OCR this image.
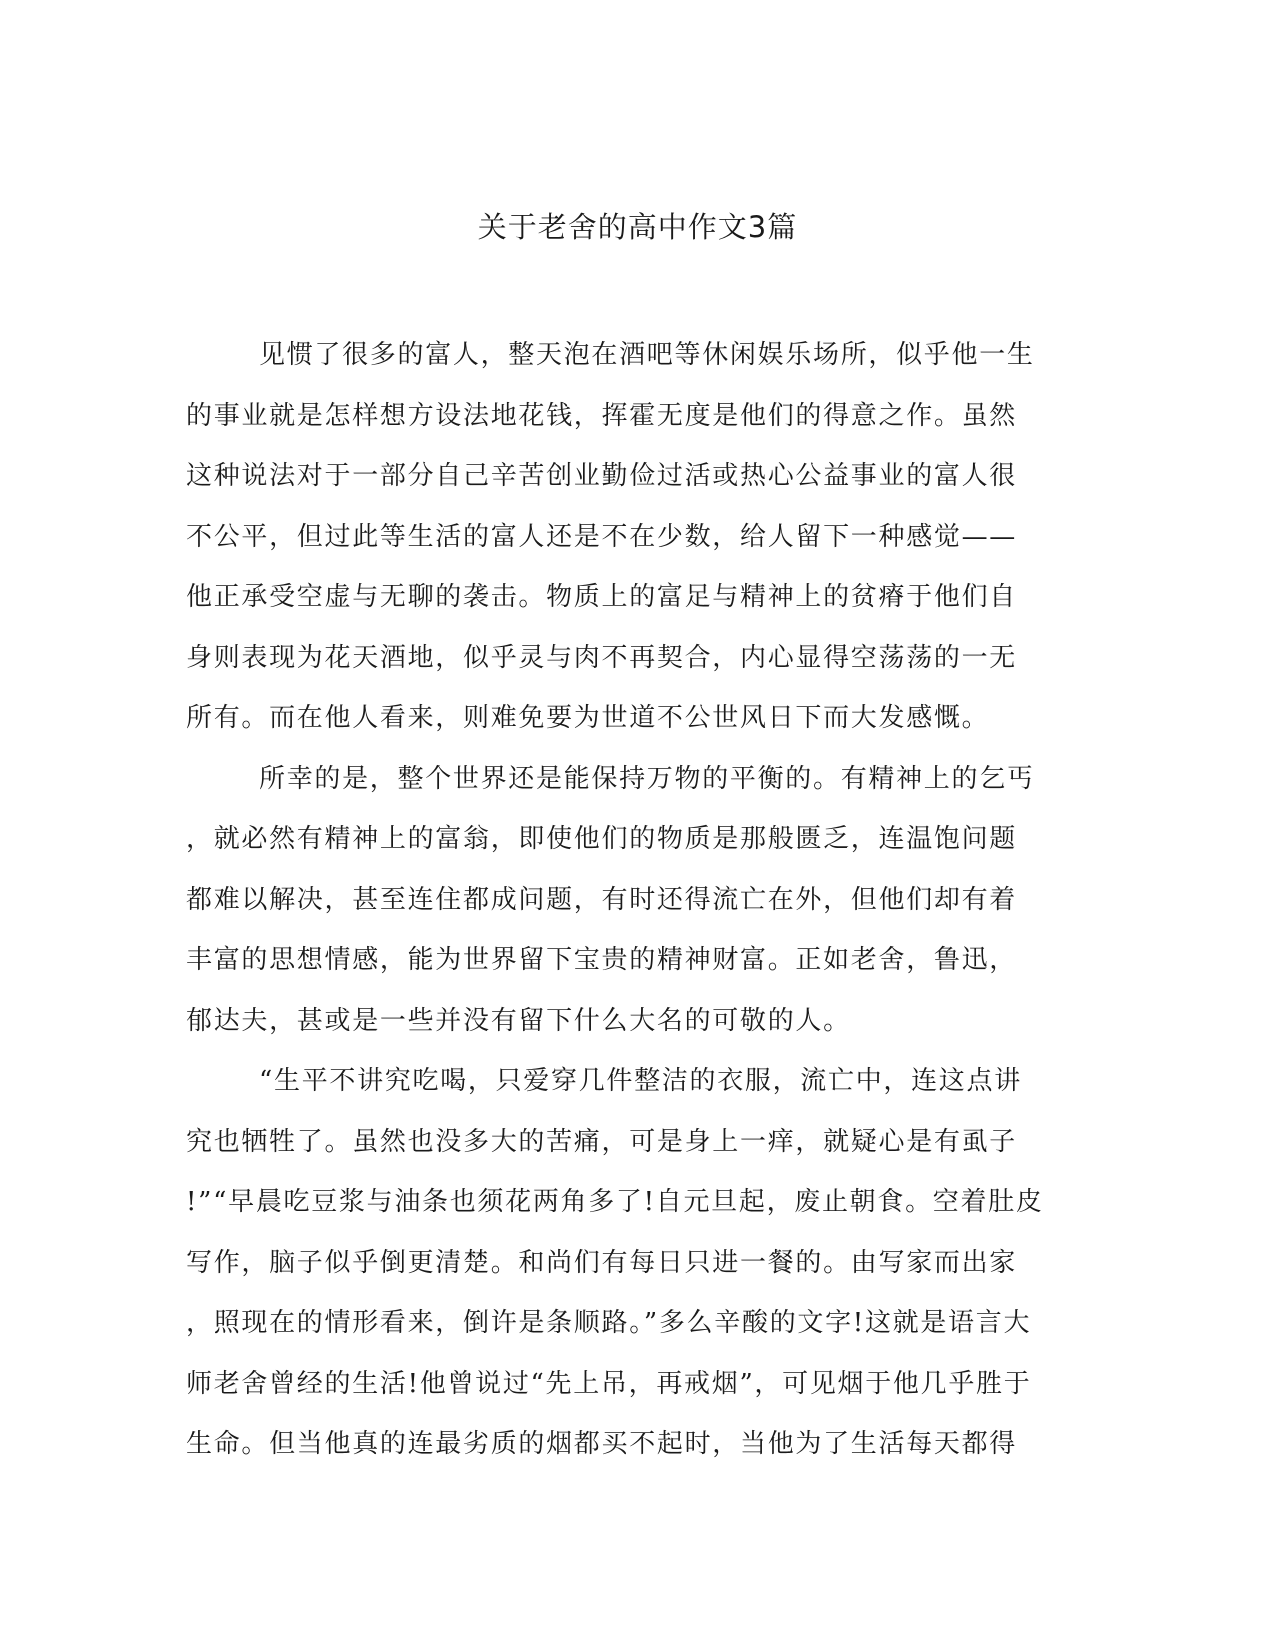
关于老舍的高中作文3篇
见惯了很多的富人，整天泡在酒吧等休闲娱乐场所，似乎他一生
的事业就是怎样想方设法地花钱，挥霍无度是他们的得意之作。虽然
这种说法对于一部分自己辛苦创业勤俭过活或热心公益事业的富人很
不公平，但过此等生活的富人还是不在少数，给人留下一种感觉——
他正承受空虚与无聊的袭击。物质上的富足与精神上的贫瘠于他们自
身则表现为花天酒地，似乎灵与肉不再契合，内心显得空荡荡的一无
所有。而在他人看来，则难免要为世道不公世风日下而大发感慨。
所幸的是，整个世界还是能保持万物的平衡的。有精神上的乞丐
，就必然有精神上的富翁，即使他们的物质是那般匮乏，连温饱问题
都难以解决，甚至连住都成问题，有时还得流亡在外，但他们却有着
丰富的思想情感，能为世界留下宝贵的精神财富。正如老舍，鲁迅，
郁达夫，甚或是一些并没有留下什么大名的可敬的人。
“生平不讲究吃喝，只爱穿几件整洁的衣服，流亡中，连这点讲
究也牺牲了。虽然也没多大的苦痛，可是身上一痒，就疑心是有虱子
!”“早晨吃豆浆与油条也须花两角多了!自元旦起，废止朝食。空着肚皮
写作，脑子似乎倒更清楚。和尚们有每日只进一餐的。由写家而出家
，照现在的情形看来，倒许是条顺路。”多么辛酸的文字!这就是语言大
师老舍曾经的生活!他曾说过“先上吊，再戒烟”，可见烟于他几乎胜于
生命。但当他真的连最劣质的烟都买不起时，当他为了生活每天都得
